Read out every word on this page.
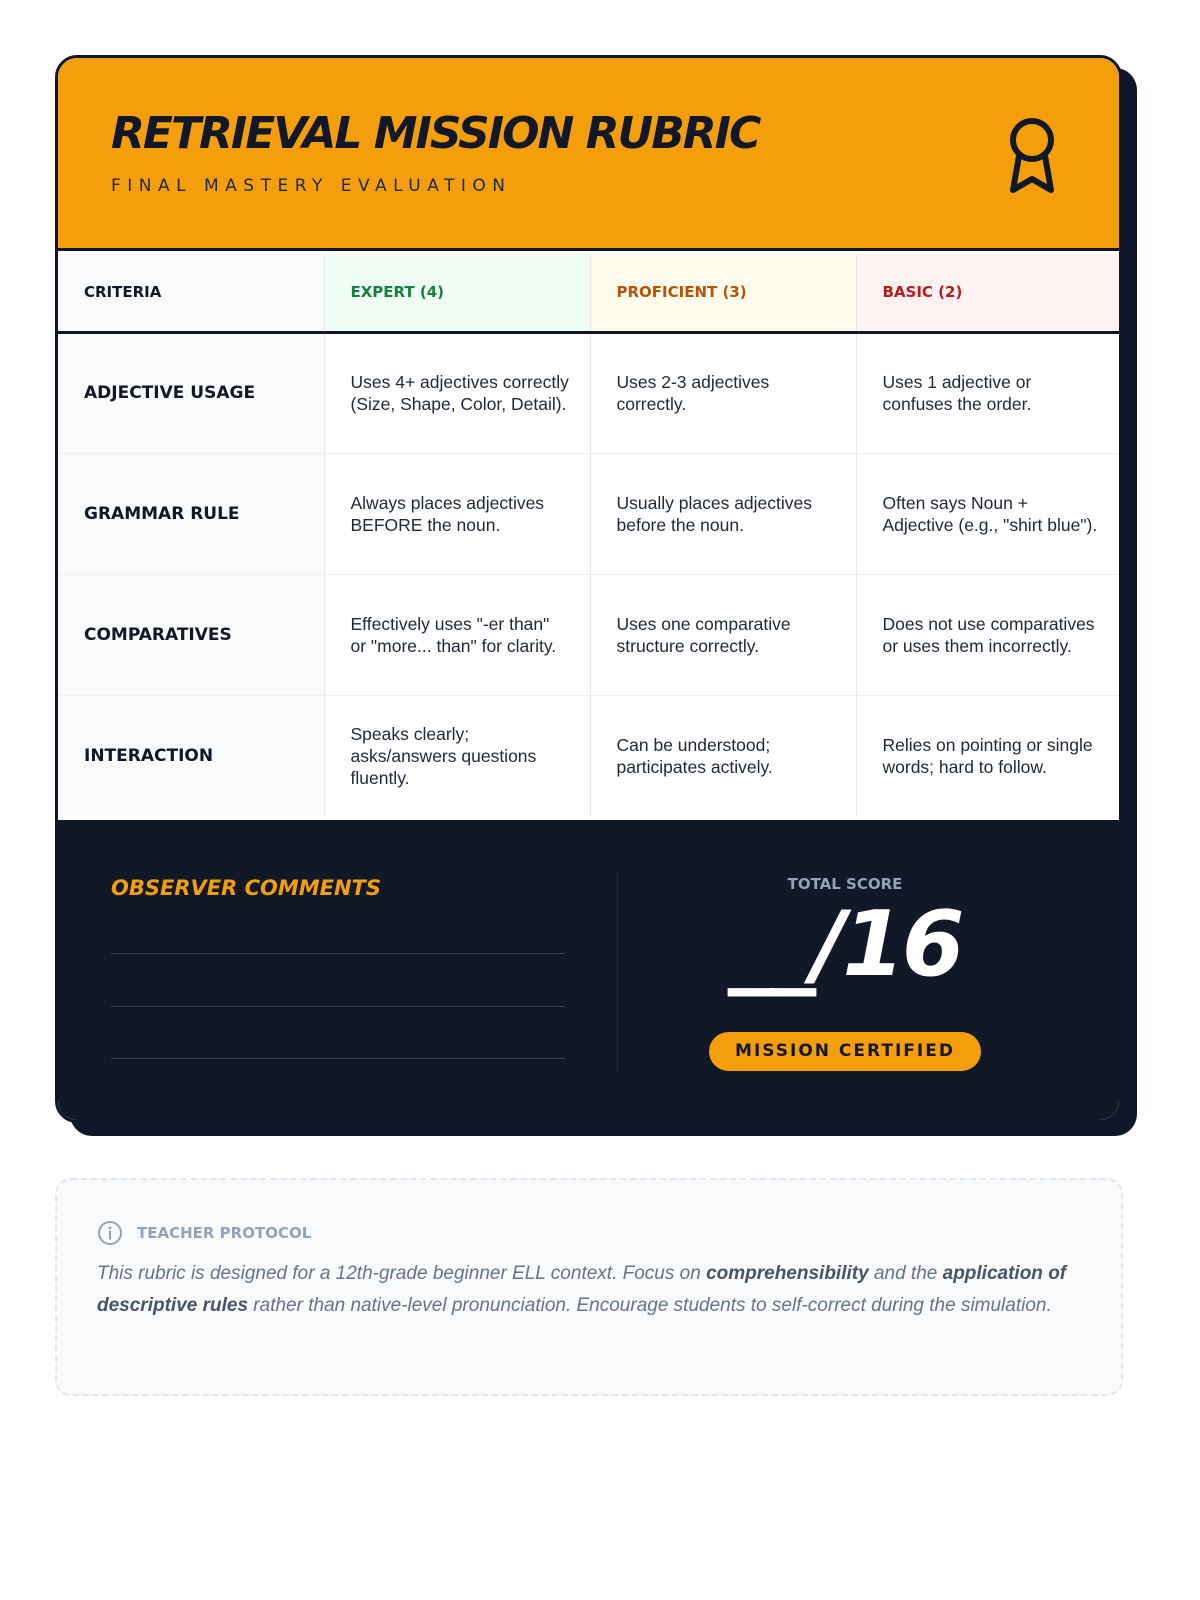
RETRIEVAL MISSION RUBRIC
FINAL MASTERY EVALUATION
CRITERIA	EXPERT (4)	PROFICIENT (3)	BASIC (2)
ADJECTIVE USAGE	Uses 4+ adjectives correctly (Size, Shape, Color, Detail).	Uses 2-3 adjectives correctly.	Uses 1 adjective or confuses the order.
GRAMMAR RULE	Always places adjectives BEFORE the noun.	Usually places adjectives before the noun.	Often says Noun + Adjective (e.g., "shirt blue").
COMPARATIVES	Effectively uses "-er than" or "more... than" for clarity.	Uses one comparative structure correctly.	Does not use comparatives or uses them incorrectly.
INTERACTION	Speaks clearly; asks/answers questions fluently.	Can be understood; participates actively.	Relies on pointing or single words; hard to follow.
OBSERVER COMMENTS	TOTAL SCORE
__/16
MISSION CERTIFIED
TEACHER PROTOCOL

This rubric is designed for a 12th-grade beginner ELL context. Focus on comprehensibility and the application of descriptive rules rather than native-level pronunciation. Encourage students to self-correct during the simulation.
